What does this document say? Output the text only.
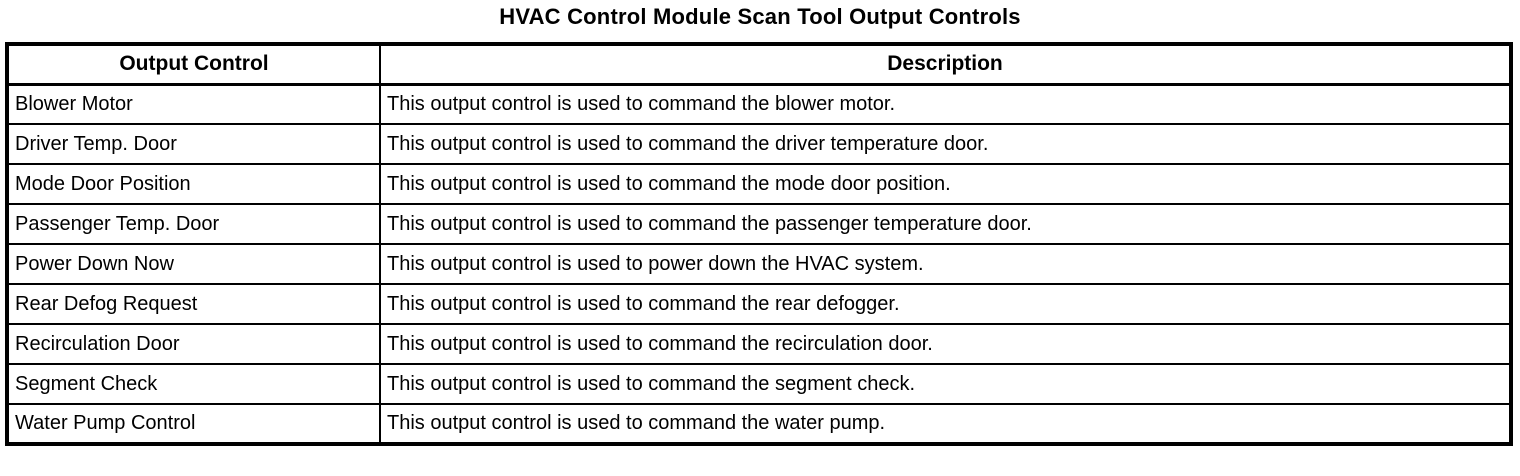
HVAC Control Module Scan Tool Output Controls
Output Control	Description
Blower Motor	This output control is used to command the blower motor.
Driver Temp. Door	This output control is used to command the driver temperature door.
Mode Door Position	This output control is used to command the mode door position.
Passenger Temp. Door	This output control is used to command the passenger temperature door.
Power Down Now	This output control is used to power down the HVAC system.
Rear Defog Request	This output control is used to command the rear defogger.
Recirculation Door	This output control is used to command the recirculation door.
Segment Check	This output control is used to command the segment check.
Water Pump Control	This output control is used to command the water pump.
